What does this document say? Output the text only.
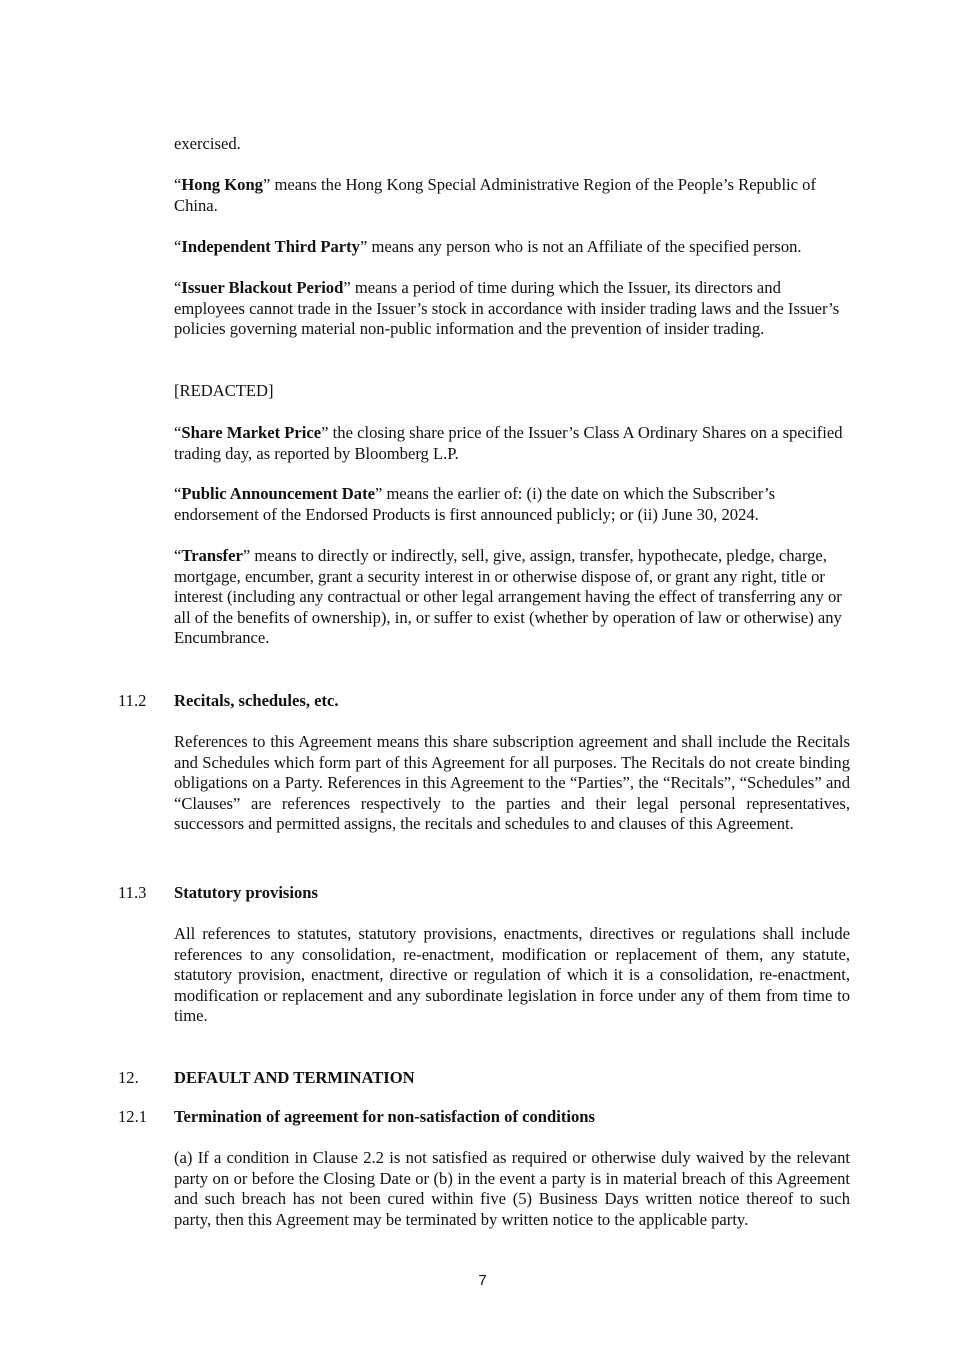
exercised.

“Hong Kong” means the Hong Kong Special Administrative Region of the People’s Republic of China.

“Independent Third Party” means any person who is not an Affiliate of the specified person.

“Issuer Blackout Period” means a period of time during which the Issuer, its directors and employees cannot trade in the Issuer’s stock in accordance with insider trading laws and the Issuer’s policies governing material non-public information and the prevention of insider trading.

[REDACTED]

“Share Market Price” the closing share price of the Issuer’s Class A Ordinary Shares on a specified trading day, as reported by Bloomberg L.P.

“Public Announcement Date” means the earlier of: (i) the date on which the Subscriber’s endorsement of the Endorsed Products is first announced publicly; or (ii) June 30, 2024.

“Transfer” means to directly or indirectly, sell, give, assign, transfer, hypothecate, pledge, charge, mortgage, encumber, grant a security interest in or otherwise dispose of, or grant any right, title or interest (including any contractual or other legal arrangement having the effect of transferring any or all of the benefits of ownership), in, or suffer to exist (whether by operation of law or otherwise) any Encumbrance.

11.2 Recitals, schedules, etc.

References to this Agreement means this share subscription agreement and shall include the Recitals and Schedules which form part of this Agreement for all purposes. The Recitals do not create binding obligations on a Party. References in this Agreement to the “Parties”, the “Recitals”, “Schedules” and “Clauses” are references respectively to the parties and their legal personal representatives, successors and permitted assigns, the recitals and schedules to and clauses of this Agreement.

11.3 Statutory provisions

All references to statutes, statutory provisions, enactments, directives or regulations shall include references to any consolidation, re-enactment, modification or replacement of them, any statute, statutory provision, enactment, directive or regulation of which it is a consolidation, re-enactment, modification or replacement and any subordinate legislation in force under any of them from time to time.

12. DEFAULT AND TERMINATION

12.1 Termination of agreement for non-satisfaction of conditions

(a) If a condition in Clause 2.2 is not satisfied as required or otherwise duly waived by the relevant party on or before the Closing Date or (b) in the event a party is in material breach of this Agreement and such breach has not been cured within five (5) Business Days written notice thereof to such party, then this Agreement may be terminated by written notice to the applicable party.

7
